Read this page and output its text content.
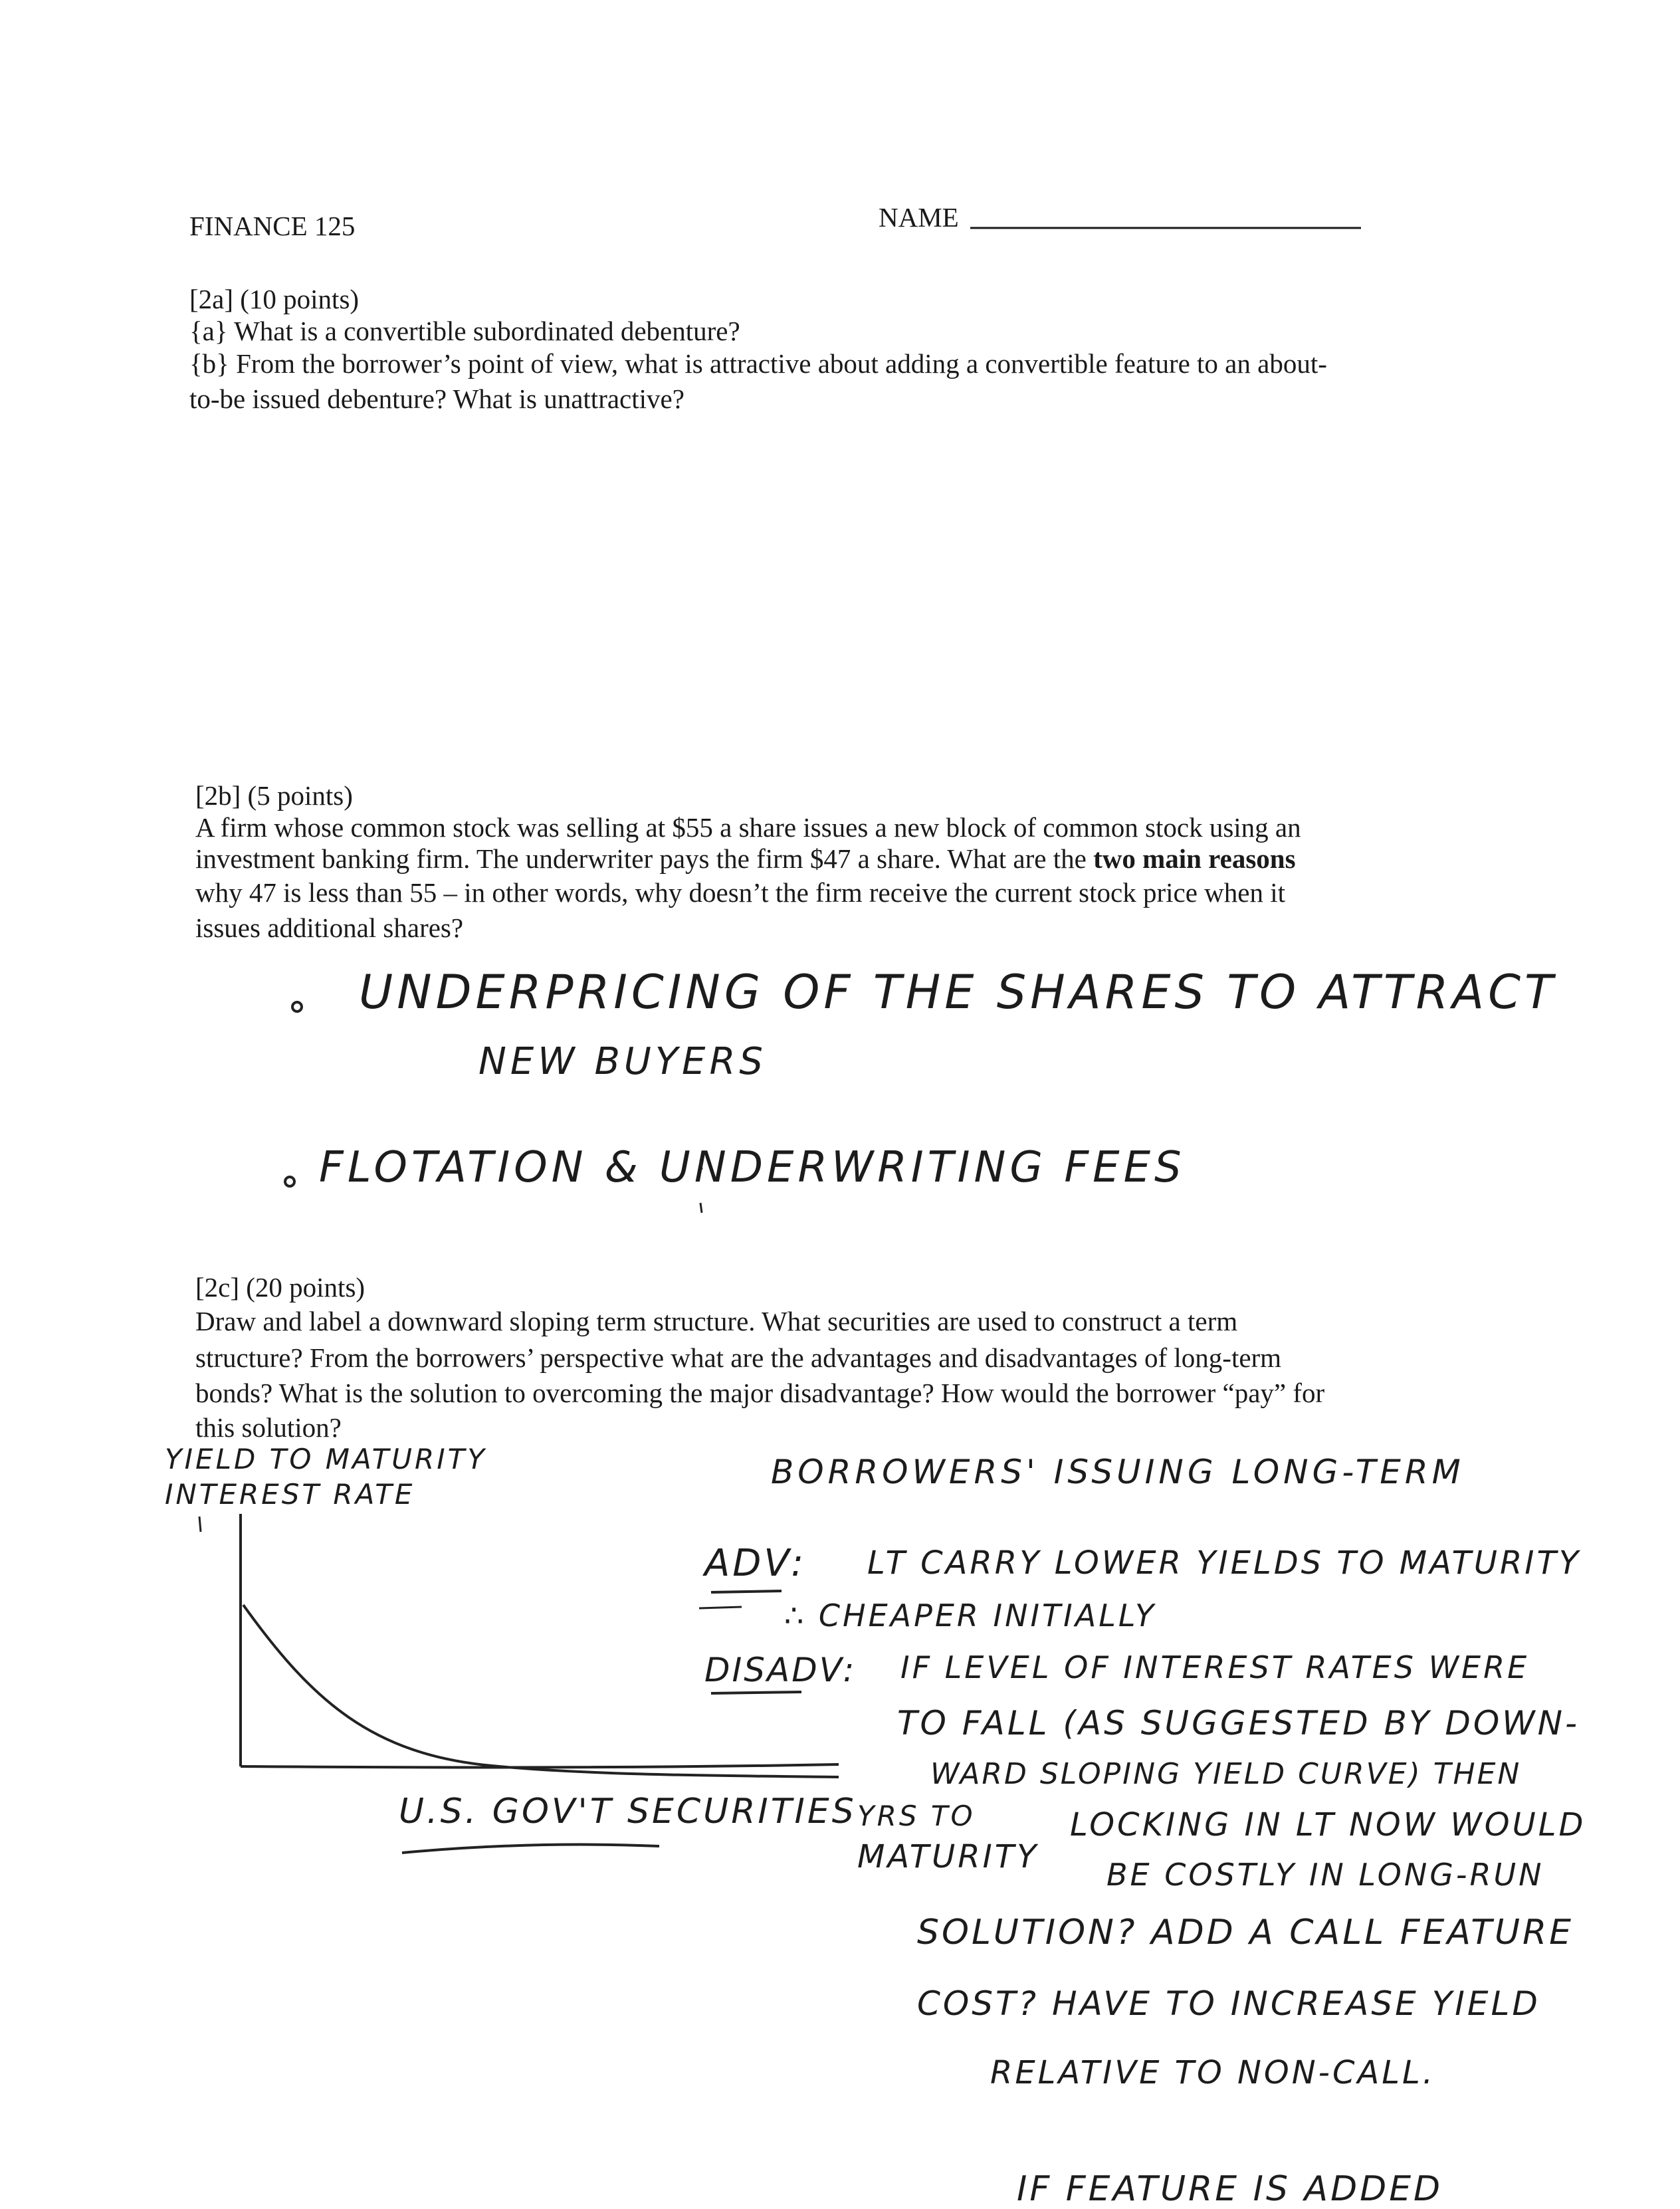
FINANCE 125	NAME
[2a] (10 points)
{a} What is a convertible subordinated debenture?
{b} From the borrower’s point of view, what is attractive about adding a convertible feature to an about-
to-be issued debenture? What is unattractive?
[2b] (5 points)
A firm whose common stock was selling at $55 a share issues a new block of common stock using an
investment banking firm. The underwriter pays the firm $47 a share. What are the two main reasons
why 47 is less than 55 – in other words, why doesn’t the firm receive the current stock price when it
issues additional shares?
UNDERPRICING OF THE SHARES TO ATTRACT
NEW BUYERS
FLOTATION & UNDERWRITING FEES
[2c] (20 points)
Draw and label a downward sloping term structure. What securities are used to construct a term
structure? From the borrowers’ perspective what are the advantages and disadvantages of long-term
bonds? What is the solution to overcoming the major disadvantage? How would the borrower “pay” for
this solution?
YIELD TO MATURITY
INTEREST RATE
YRS TO
MATURITY
U.S. GOV'T SECURITIES
BORROWERS' ISSUING LONG-TERM
ADV: LT CARRY LOWER YIELDS TO MATURITY
∴ CHEAPER INITIALLY
DISADV: IF LEVEL OF INTEREST RATES WERE
TO FALL (AS SUGGESTED BY DOWN-
WARD SLOPING YIELD CURVE) THEN
LOCKING IN LT NOW WOULD
BE COSTLY IN LONG-RUN
SOLUTION? ADD A CALL FEATURE
COST? HAVE TO INCREASE YIELD
RELATIVE TO NON-CALL.
IF FEATURE IS ADDED
